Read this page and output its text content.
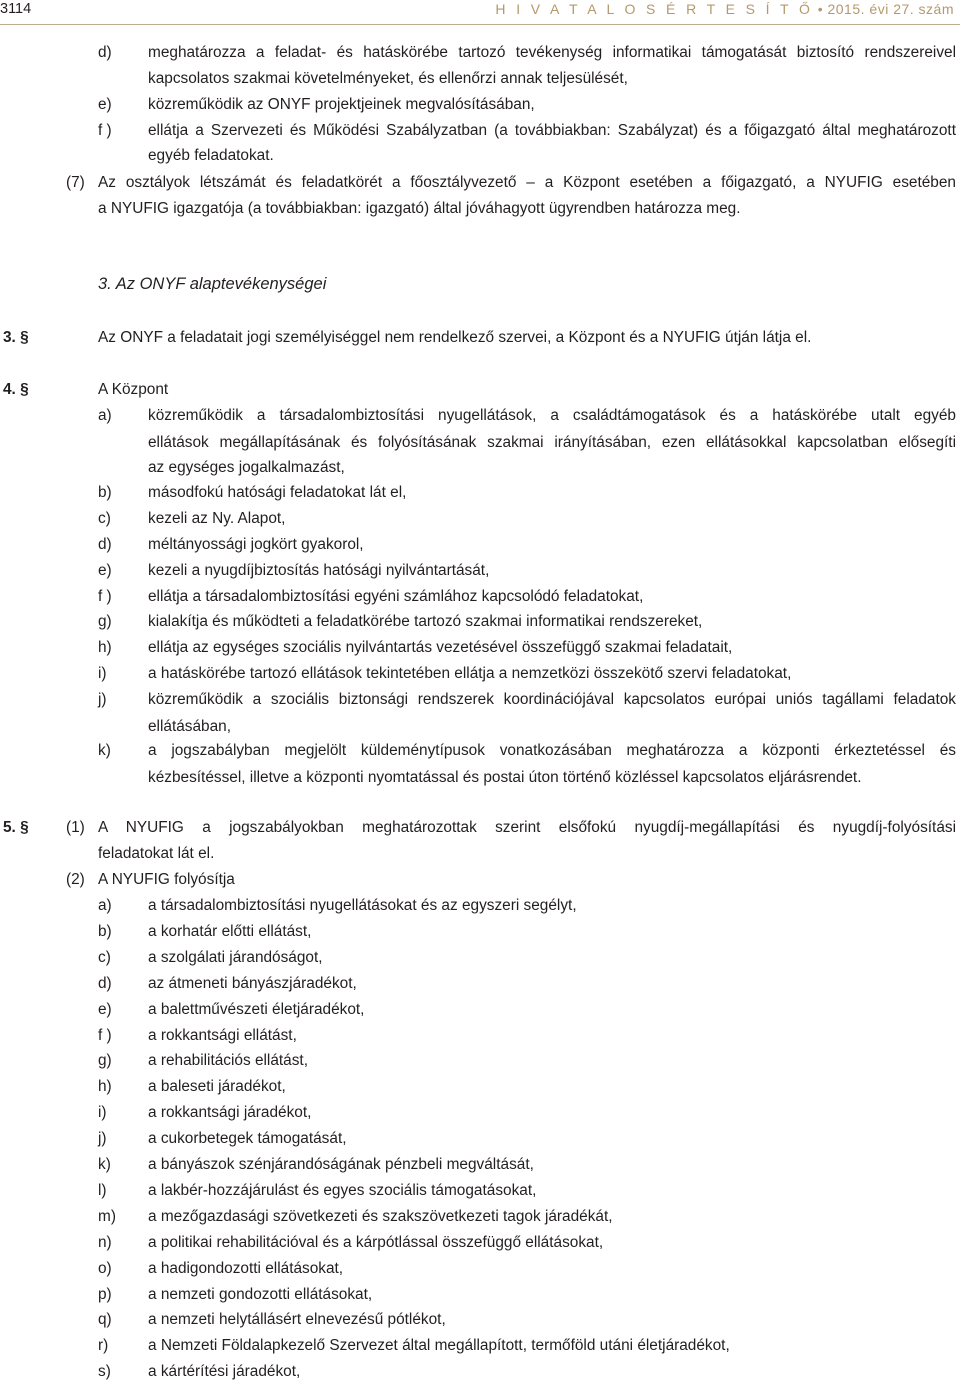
3114	H I V A T A L O S É R T E S Í T Ő • 2015. évi 27. szám
d) meghatározza a feladat- és hatáskörébe tartozó tevékenység informatikai támogatását biztosító rendszereivel
kapcsolatos szakmai követelményeket, és ellenőrzi annak teljesülését,
e) közreműködik az ONYF projektjeinek megvalósításában,
f ) ellátja a Szervezeti és Működési Szabályzatban (a továbbiakban: Szabályzat) és a főigazgató által meghatározott
egyéb feladatokat.
(7) Az osztályok létszámát és feladatkörét a főosztályvezető – a Központ esetében a főigazgató, a NYUFIG esetében
a NYUFIG igazgatója (a továbbiakban: igazgató) által jóváhagyott ügyrendben határozza meg.
3. Az ONYF alaptevékenységei
3. §	Az ONYF a feladatait jogi személyiséggel nem rendelkező szervei, a Központ és a NYUFIG útján látja el.
4. §	A Központ
a) közreműködik a társadalombiztosítási nyugellátások, a családtámogatások és a hatáskörébe utalt egyéb
ellátások megállapításának és folyósításának szakmai irányításában, ezen ellátásokkal kapcsolatban elősegíti
az egységes jogalkalmazást,
b) másodfokú hatósági feladatokat lát el,
c) kezeli az Ny. Alapot,
d) méltányossági jogkört gyakorol,
e) kezeli a nyugdíjbiztosítás hatósági nyilvántartását,
f ) ellátja a társadalombiztosítási egyéni számlához kapcsolódó feladatokat,
g) kialakítja és működteti a feladatkörébe tartozó szakmai informatikai rendszereket,
h) ellátja az egységes szociális nyilvántartás vezetésével összefüggő szakmai feladatait,
i)	a hatáskörébe tartozó ellátások tekintetében ellátja a nemzetközi összekötő szervi feladatokat,
j)	közreműködik a szociális biztonsági rendszerek koordinációjával kapcsolatos európai uniós tagállami feladatok
ellátásában,
k) a jogszabályban megjelölt küldeménytípusok vonatkozásában meghatározza a központi érkeztetéssel és
kézbesítéssel, illetve a központi nyomtatással és postai úton történő közléssel kapcsolatos eljárásrendet.
5. § (1) A NYUFIG a jogszabályokban meghatározottak szerint elsőfokú nyugdíj-megállapítási és nyugdíj-folyósítási
feladatokat lát el.
(2) A NYUFIG folyósítja
a) a társadalombiztosítási nyugellátásokat és az egyszeri segélyt,
b) a korhatár előtti ellátást,
c) a szolgálati járandóságot,
d) az átmeneti bányászjáradékot,
e) a balettművészeti életjáradékot,
f ) a rokkantsági ellátást,
g) a rehabilitációs ellátást,
h) a baleseti járadékot,
i)	a rokkantsági járadékot,
j)	a cukorbetegek támogatását,
k) a bányászok szénjárandóságának pénzbeli megváltását,
l)	a lakbér-hozzájárulást és egyes szociális támogatásokat,
m) a mezőgazdasági szövetkezeti és szakszövetkezeti tagok járadékát,
n) a politikai rehabilitációval és a kárpótlással összefüggő ellátásokat,
o) a hadigondozotti ellátásokat,
p) a nemzeti gondozotti ellátásokat,
q) a nemzeti helytállásért elnevezésű pótlékot,
r)	a Nemzeti Földalapkezelő Szervezet által megállapított, termőföld utáni életjáradékot,
s) a kártérítési járadékot,
